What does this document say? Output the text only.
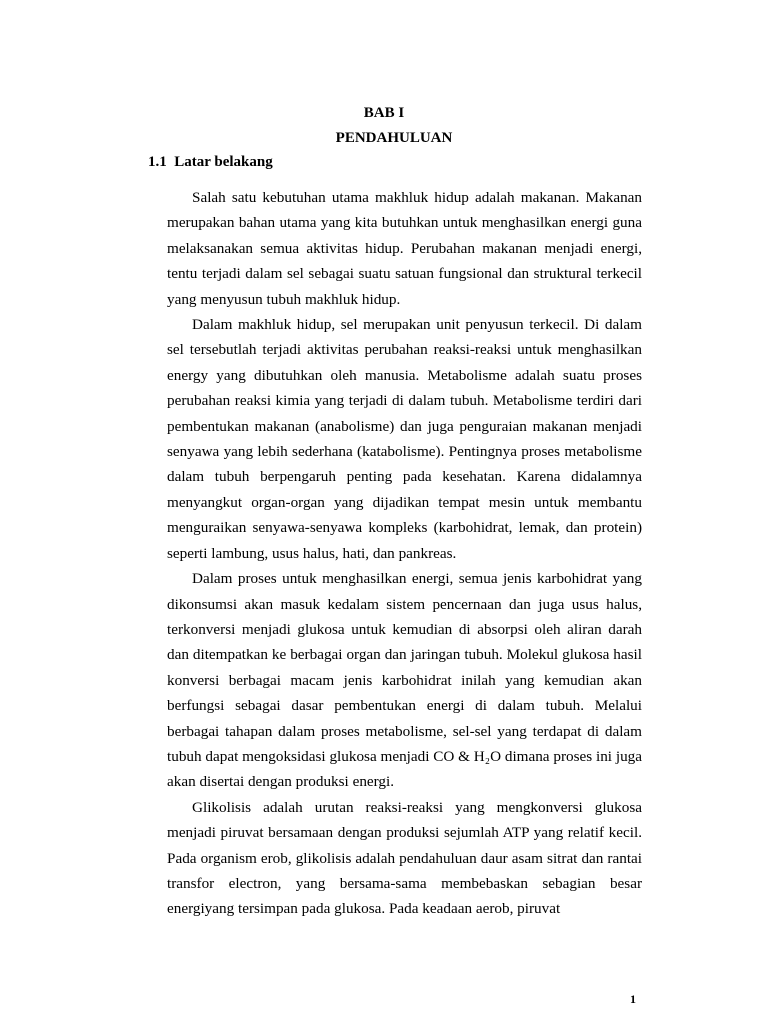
BAB I
PENDAHULUAN
1.1  Latar belakang

Salah satu kebutuhan utama makhluk hidup adalah makanan. Makanan merupakan bahan utama yang kita butuhkan untuk menghasilkan energi guna melaksanakan semua aktivitas hidup. Perubahan makanan menjadi energi, tentu terjadi dalam sel sebagai suatu satuan fungsional dan struktural terkecil yang menyusun tubuh makhluk hidup.

Dalam makhluk hidup, sel merupakan unit penyusun terkecil. Di dalam sel tersebutlah terjadi aktivitas perubahan reaksi-reaksi untuk menghasilkan energy yang dibutuhkan oleh manusia. Metabolisme adalah suatu proses perubahan reaksi kimia yang terjadi di dalam tubuh. Metabolisme terdiri dari pembentukan makanan (anabolisme) dan juga penguraian makanan menjadi senyawa yang lebih sederhana (katabolisme). Pentingnya proses metabolisme dalam tubuh berpengaruh penting pada kesehatan. Karena didalamnya menyangkut organ-organ yang dijadikan tempat mesin untuk membantu menguraikan senyawa-senyawa kompleks (karbohidrat, lemak, dan protein) seperti lambung, usus halus, hati, dan pankreas.

Dalam proses untuk menghasilkan energi, semua jenis karbohidrat yang dikonsumsi akan masuk kedalam sistem pencernaan dan juga usus halus, terkonversi menjadi glukosa untuk kemudian di absorpsi oleh aliran darah dan ditempatkan ke berbagai organ dan jaringan tubuh. Molekul glukosa hasil konversi berbagai macam jenis karbohidrat inilah yang kemudian akan berfungsi sebagai dasar pembentukan energi di dalam tubuh. Melalui berbagai tahapan dalam proses metabolisme, sel-sel yang terdapat di dalam tubuh dapat mengoksidasi glukosa menjadi CO & H₂O dimana proses ini juga akan disertai dengan produksi energi.

Glikolisis adalah urutan reaksi-reaksi yang mengkonversi glukosa menjadi piruvat bersamaan dengan produksi sejumlah ATP yang relatif kecil. Pada organism erob, glikolisis adalah pendahuluan daur asam sitrat dan rantai transfor electron, yang bersama-sama membebaskan sebagian besar energiyang tersimpan pada glukosa. Pada keadaan aerob, piruvat

1
